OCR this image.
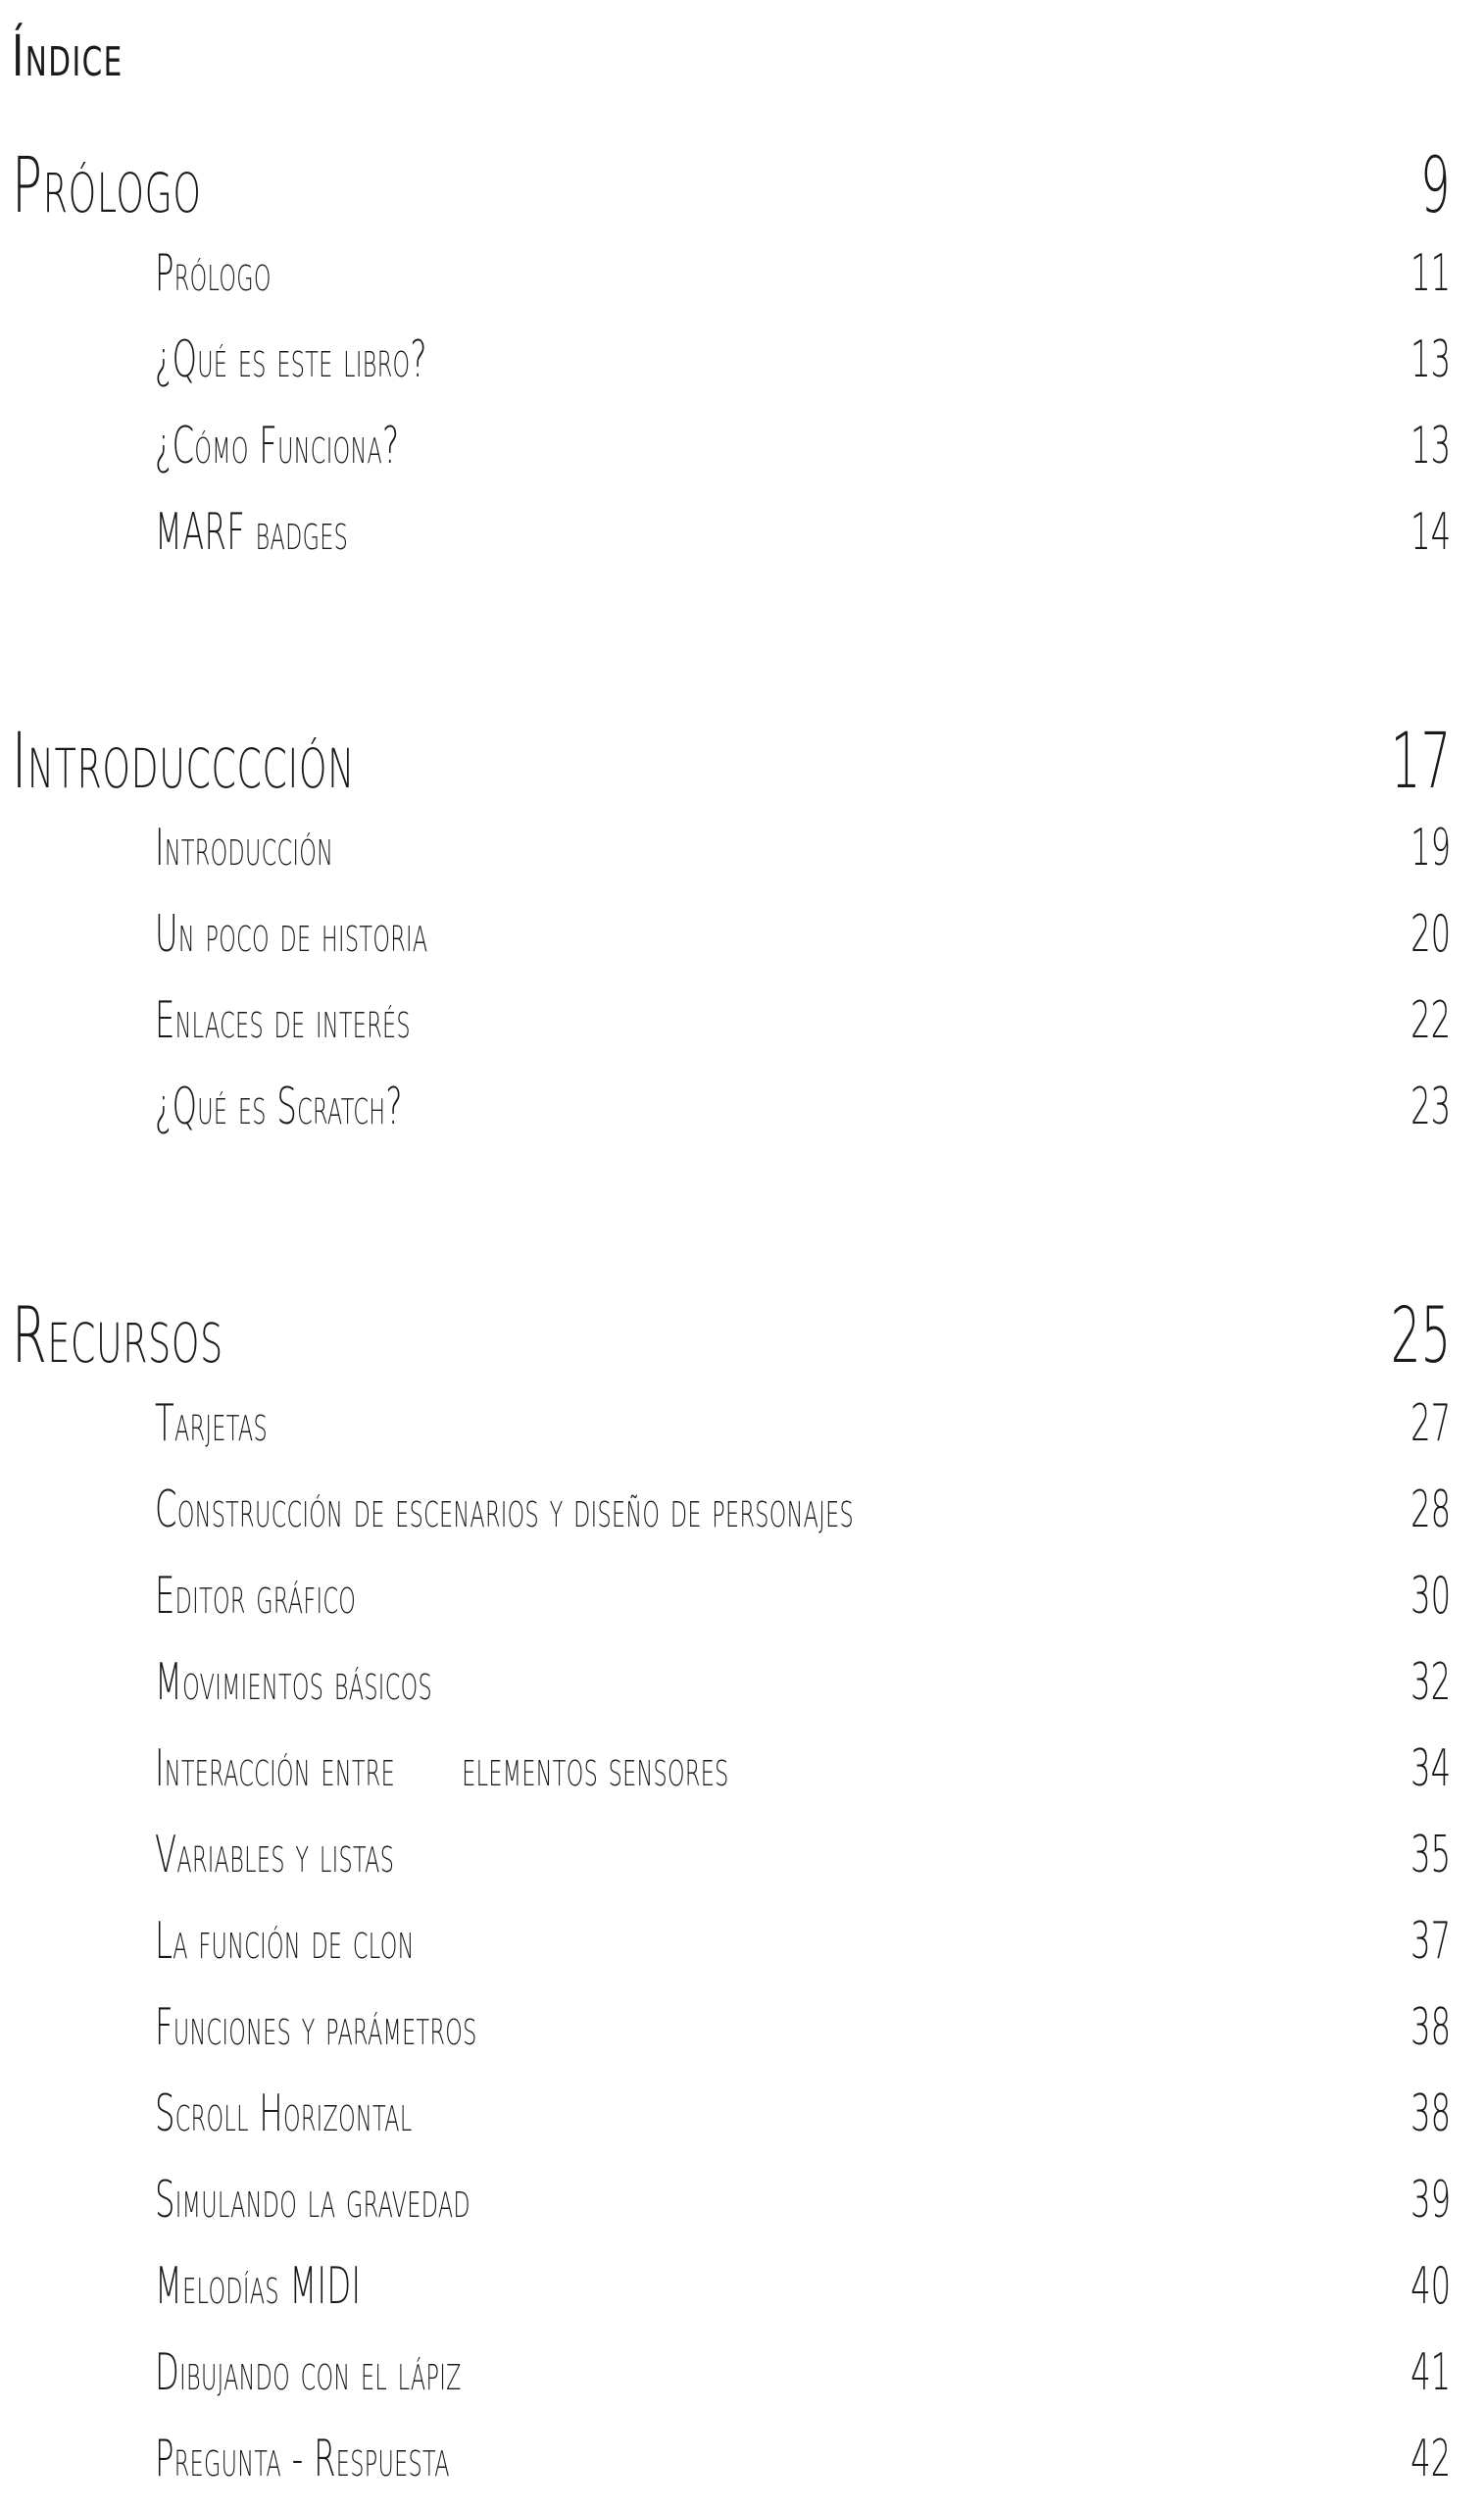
Índice
Prólogo	9
Prólogo	11
¿Qué es este libro?	13
¿Cómo Funciona?	13
MARF badges	14
Introducccción	17
Introducción	19
Un poco de historia	20
Enlaces de interés	22
¿Qué es Scratch?	23
Recursos	25
Tarjetas	27
Construcción de escenarios y diseño de personajes	28
Editor gráfico	30
Movimientos básicos	32
Interacción entre elementos sensores	34
Variables y listas	35
La función de clon	37
Funciones y parámetros	38
Scroll Horizontal	38
Simulando la gravedad	39
Melodías MIDI	40
Dibujando con el lápiz	41
Pregunta - Respuesta	42
